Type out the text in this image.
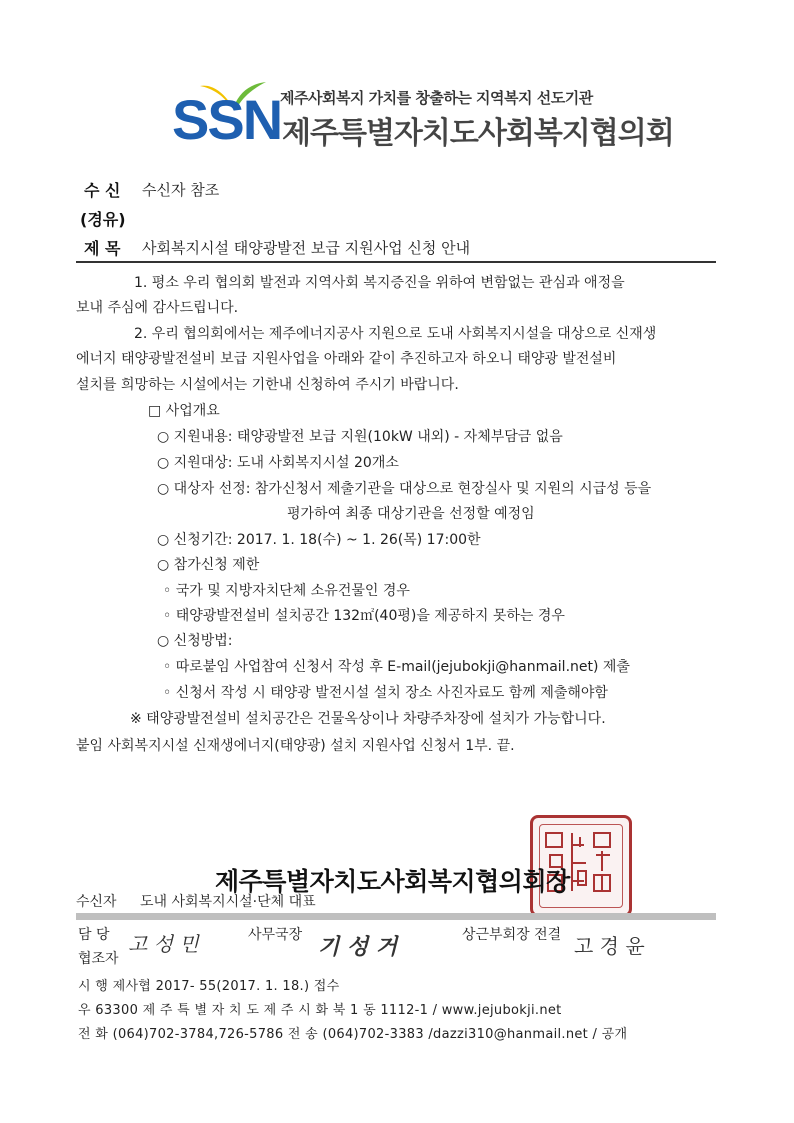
SSN
제주사회복지 가치를 창출하는 지역복지 선도기관
제주특별자치도사회복지협의회
수 신 수신자 참조
(경유)
제 목 사회복지시설 태양광발전 보급 지원사업 신청 안내
1. 평소 우리 협의회 발전과 지역사회 복지증진을 위하여 변함없는 관심과 애정을
보내 주심에 감사드립니다.
2. 우리 협의회에서는 제주에너지공사 지원으로 도내 사회복지시설을 대상으로 신재생
에너지 태양광발전설비 보급 지원사업을 아래와 같이 추진하고자 하오니 태양광 발전설비
설치를 희망하는 시설에서는 기한내 신청하여 주시기 바랍니다.
□ 사업개요
○ 지원내용: 태양광발전 보급 지원(10kW 내외) - 자체부담금 없음
○ 지원대상: 도내 사회복지시설 20개소
○ 대상자 선정: 참가신청서 제출기관을 대상으로 현장실사 및 지원의 시급성 등을
평가하여 최종 대상기관을 선정할 예정임
○ 신청기간: 2017. 1. 18(수) ~ 1. 26(목) 17:00한
○ 참가신청 제한
◦ 국가 및 지방자치단체 소유건물인 경우
◦ 태양광발전설비 설치공간 132㎡(40평)을 제공하지 못하는 경우
○ 신청방법:
◦ 따로붙임 사업참여 신청서 작성 후 E-mail(jejubokji@hanmail.net) 제출
◦ 신청서 작성 시 태양광 발전시설 설치 장소 사진자료도 함께 제출해야함
※ 태양광발전설비 설치공간은 건물옥상이나 차량주차장에 설치가 가능합니다.
붙임 사회복지시설 신재생에너지(태양광) 설치 지원사업 신청서 1부. 끝.
제주특별자치도사회복지협의회장
수신자 도내 사회복지시설·단체 대표
담 당 고 성 민	사무국장 기 성 거	상근부회장 전결 고 경 윤
협조자
시 행 제사협 2017- 55(2017. 1. 18.) 접수
우 63300 제 주 특 별 자 치 도 제 주 시 화 북 1 동 1112-1 / www.jejubokji.net
전 화 (064)702-3784,726-5786 전 송 (064)702-3383 /dazzi310@hanmail.net / 공개
